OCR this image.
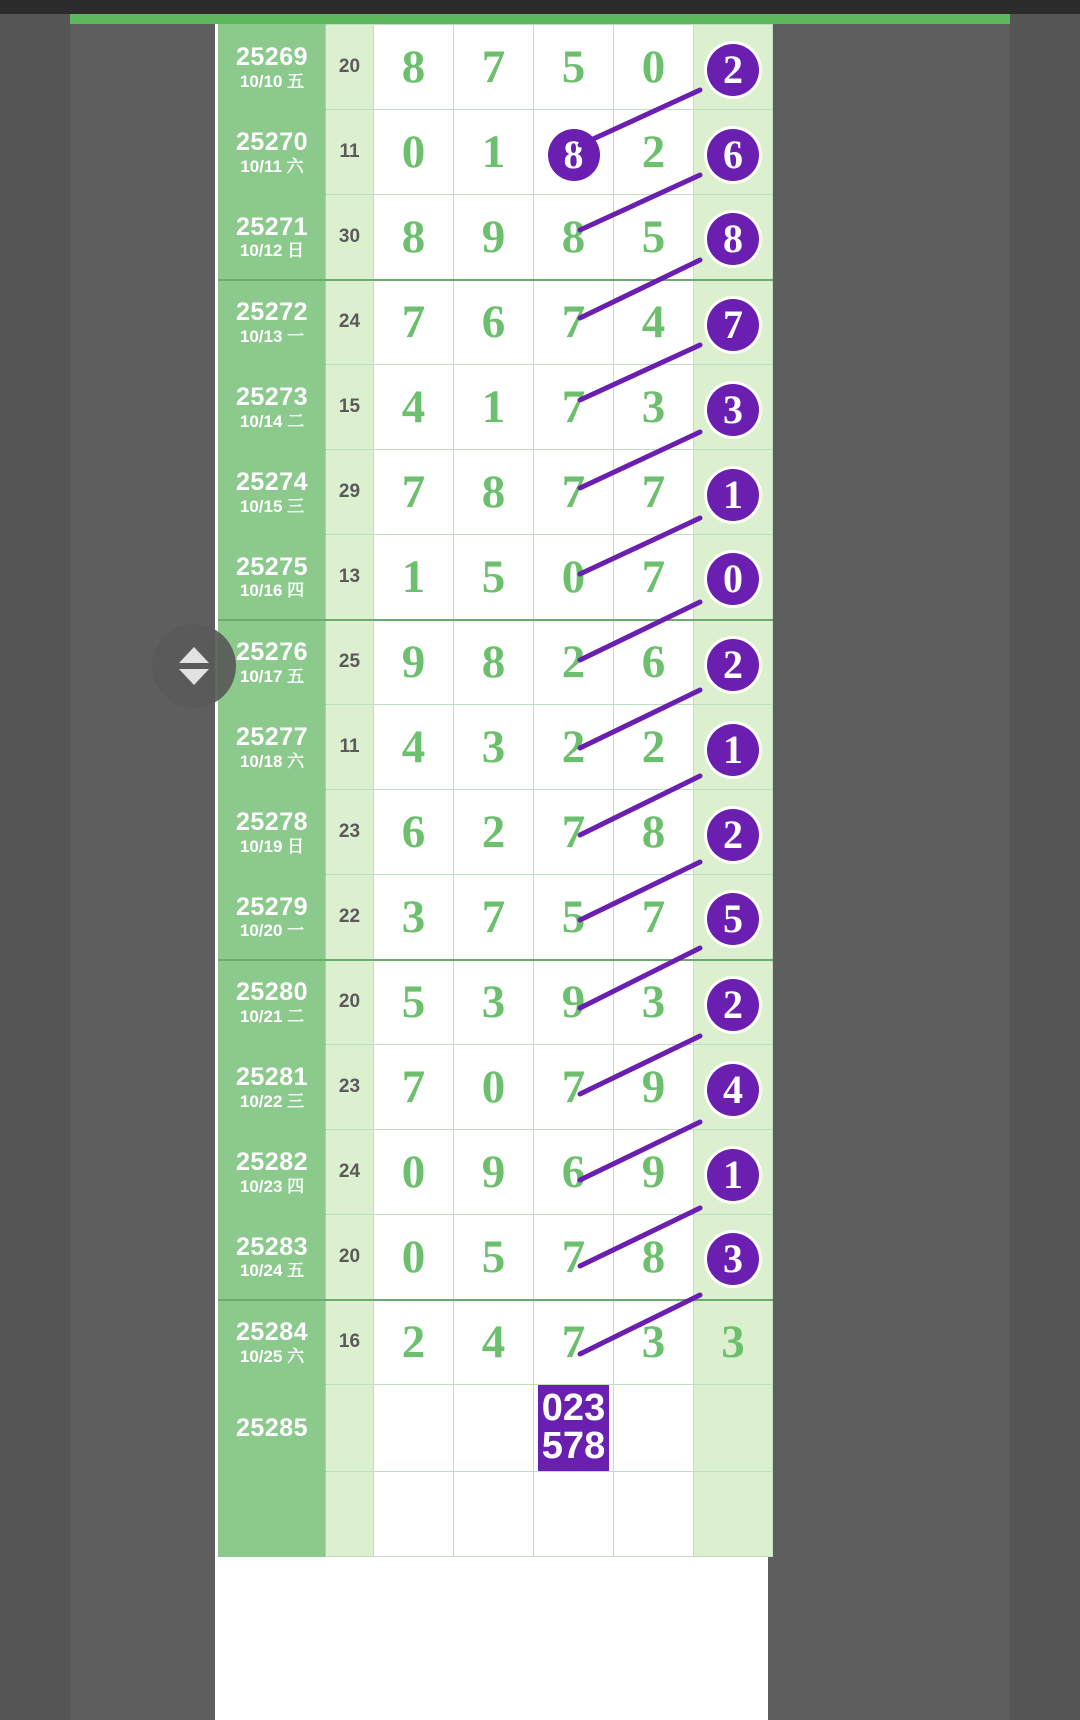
25269
10/10 五	20	8	7	5	0	2

25270
10/11 六	11	0	1	8	2	6

25271
10/12 日	30	8	9	8	5	8

25272
10/13 一	24	7	6	7	4	7

25273
10/14 二	15	4	1	7	3	3

25274
10/15 三	29	7	8	7	7	1

25275
10/16 四	13	1	5	0	7	0

25276
10/17 五	25	9	8	2	6	2

25277
10/18 六	11	4	3	2	2	1

25278
10/19 日	23	6	2	7	8	2

25279
10/20 一	22	3	7	5	7	5

25280
10/21 二	20	5	3	9	3	2

25281
10/22 三	23	7	0	7	9	4

25282
10/23 四	24	0	9	6	9	1

25283
10/24 五	20	0	5	7	8	3

25284
10/25 六	16	2	4	7	3	3

25285				023
578		
